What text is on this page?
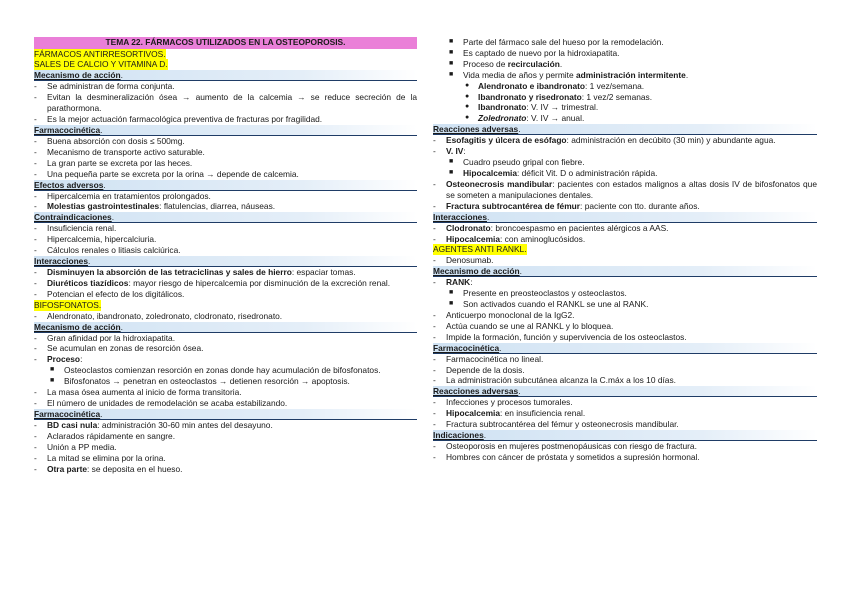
TEMA 22. FÁRMACOS UTILIZADOS EN LA OSTEOPOROSIS.
FÁRMACOS ANTIRRESORTIVOS.
SALES DE CALCIO Y VITAMINA D.
Mecanismo de acción.
-	Se administran de forma conjunta.
-	Evitan la desmineralización ósea → aumento de la calcemia → se reduce secreción de la parathormona.
-	Es la mejor actuación farmacológica preventiva de fracturas por fragilidad.
Farmacocinética.
-	Buena absorción con dosis ≤ 500mg.
-	Mecanismo de transporte activo saturable.
-	La gran parte se excreta por las heces.
-	Una pequeña parte se excreta por la orina → depende de calcemia.
Efectos adversos.
-	Hipercalcemia en tratamientos prolongados.
-	Molestias gastrointestinales: flatulencias, diarrea, náuseas.
Contraindicaciones.
-	Insuficiencia renal.
-	Hipercalcemia, hipercalciuria.
-	Cálculos renales o litiasis calciúrica.
Interacciones.
-	Disminuyen la absorción de las tetraciclinas y sales de hierro: espaciar tomas.
-	Diuréticos tiazídicos: mayor riesgo de hipercalcemia por disminución de la excreción renal.
-	Potencian el efecto de los digitálicos.
BIFOSFONATOS.
-	Alendronato, ibandronato, zoledronato, clodronato, risedronato.
Mecanismo de acción.
-	Gran afinidad por la hidroxiapatita.
-	Se acumulan en zonas de resorción ósea.
-	Proceso:
■	Osteoclastos comienzan resorción en zonas donde hay acumulación de bifosfonatos.
■	Bifosfonatos → penetran en osteoclastos → detienen resorción → apoptosis.
-	La masa ósea aumenta al inicio de forma transitoria.
-	El número de unidades de remodelación se acaba estabilizando.
Farmacocinética.
-	BD casi nula: administración 30-60 min antes del desayuno.
-	Aclarados rápidamente en sangre.
-	Unión a PP media.
-	La mitad se elimina por la orina.
-	Otra parte: se deposita en el hueso.
■	Parte del fármaco sale del hueso por la remodelación.
■	Es captado de nuevo por la hidroxiapatita.
■	Proceso de recirculación.
■	Vida media de años y permite administración intermitente.
●	Alendronato e ibandronato: 1 vez/semana.
●	Ibandronato y risedronato: 1 vez/2 semanas.
●	Ibandronato: V. IV → trimestral.
●	Zoledronato: V. IV → anual.
Reacciones adversas.
-	Esofagitis y úlcera de esófago: administración en decúbito (30 min) y abundante agua.
-	V. IV:
■	Cuadro pseudo gripal con fiebre.
■	Hipocalcemia: déficit Vit. D o administración rápida.
-	Osteonecrosis mandibular: pacientes con estados malignos a altas dosis IV de bifosfonatos que se someten a manipulaciones dentales.
-	Fractura subtrocantérea de fémur: paciente con tto. durante años.
Interacciones.
-	Clodronato: broncoespasmo en pacientes alérgicos a AAS.
-	Hipocalcemia: con aminoglucósidos.
AGENTES ANTI RANKL.
-	Denosumab.
Mecanismo de acción.
-	RANK:
■	Presente en preosteoclastos y osteoclastos.
■	Son activados cuando el RANKL se une al RANK.
-	Anticuerpo monoclonal de la IgG2.
-	Actúa cuando se une al RANKL y lo bloquea.
-	Impide la formación, función y supervivencia de los osteoclastos.
Farmacocinética.
-	Farmacocinética no lineal.
-	Depende de la dosis.
-	La administración subcutánea alcanza la C.máx a los 10 días.
Reacciones adversas.
-	Infecciones y procesos tumorales.
-	Hipocalcemia: en insuficiencia renal.
-	Fractura subtrocantérea del fémur y osteonecrosis mandibular.
Indicaciones.
-	Osteoporosis en mujeres postmenopáusicas con riesgo de fractura.
-	Hombres con cáncer de próstata y sometidos a supresión hormonal.
